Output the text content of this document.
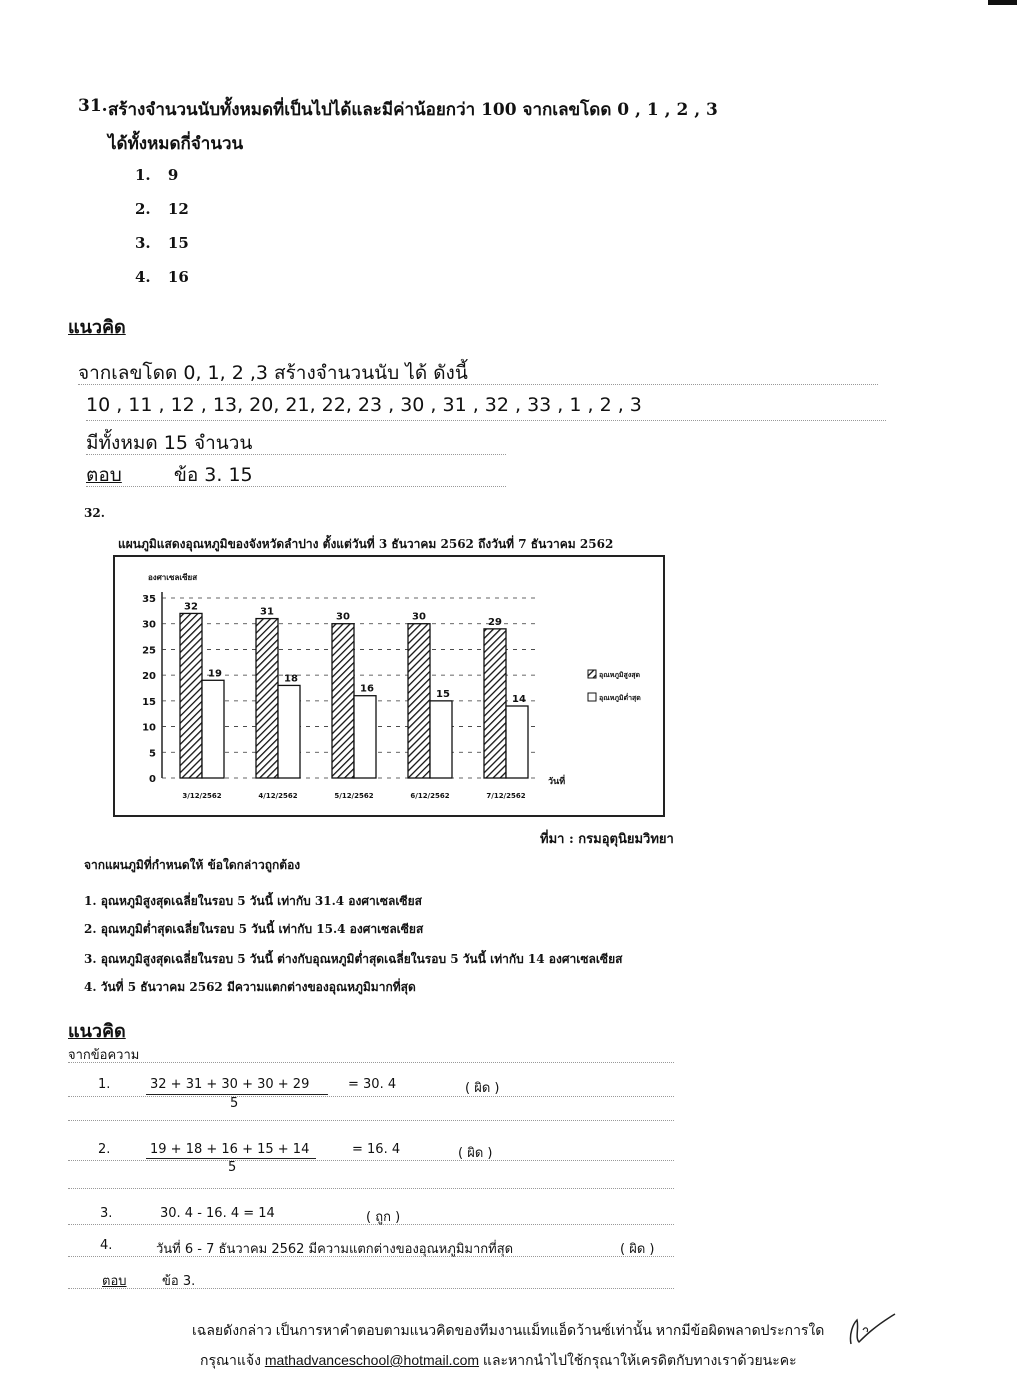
31. สร้างจำนวนนับทั้งหมดที่เป็นไปได้และมีค่าน้อยกว่า 100 จากเลขโดด 0 , 1 , 2 , 3
ได้ทั้งหมดกี่จำนวน
1. 9
2. 12
3. 15
4. 16
แนวคิด
จากเลขโดด 0, 1, 2 ,3 สร้างจำนวนนับ ได้ ดังนี้
10 , 11 , 12 , 13, 20, 21, 22, 23 , 30 , 31 , 32 , 33 , 1 , 2 , 3
มีทั้งหมด 15 จำนวน
ตอบ	ข้อ 3. 15
32.
แผนภูมิแสดงอุณหภูมิของจังหวัดลำปาง ตั้งแต่วันที่ 3 ธันวาคม 2562 ถึงวันที่ 7 ธันวาคม 2562
องศาเซลเซียส
0
5
10
15
20
25
30
35
32
19
3/12/2562
31
18
4/12/2562
30
16
5/12/2562
30
15
6/12/2562
29
14
7/12/2562
อุณหภูมิสูงสุด
อุณหภูมิต่ำสุด
วันที่
ที่มา : กรมอุตุนิยมวิทยา
จากแผนภูมิที่กำหนดให้ ข้อใดกล่าวถูกต้อง
1. อุณหภูมิสูงสุดเฉลี่ยในรอบ 5 วันนี้ เท่ากับ 31.4 องศาเซลเซียส
2. อุณหภูมิต่ำสุดเฉลี่ยในรอบ 5 วันนี้ เท่ากับ 15.4 องศาเซลเซียส
3. อุณหภูมิสูงสุดเฉลี่ยในรอบ 5 วันนี้ ต่างกับอุณหภูมิต่ำสุดเฉลี่ยในรอบ 5 วันนี้ เท่ากับ 14 องศาเซลเซียส
4. วันที่ 5 ธันวาคม 2562 มีความแตกต่างของอุณหภูมิมากที่สุด
แนวคิด
จากข้อความ
1.	32 + 31 + 30 + 30 + 29
5
= 30. 4	( ผิด )
2.	19 + 18 + 16 + 15 + 14
5
= 16. 4	( ผิด )
3.	30. 4 - 16. 4 = 14	( ถูก )
4.	วันที่ 6 - 7 ธันวาคม 2562 มีความแตกต่างของอุณหภูมิมากที่สุด	( ผิด )
ตอบ	ข้อ 3.
เฉลยดังกล่าว เป็นการหาคำตอบตามแนวคิดของทีมงานแม็ทแอ็ดว้านซ์เท่านั้น หากมีข้อผิดพลาดประการใด
กรุณาแจ้ง mathadvanceschool@hotmail.com และหากนำไปใช้กรุณาให้เครดิตกับทางเราด้วยนะคะ
